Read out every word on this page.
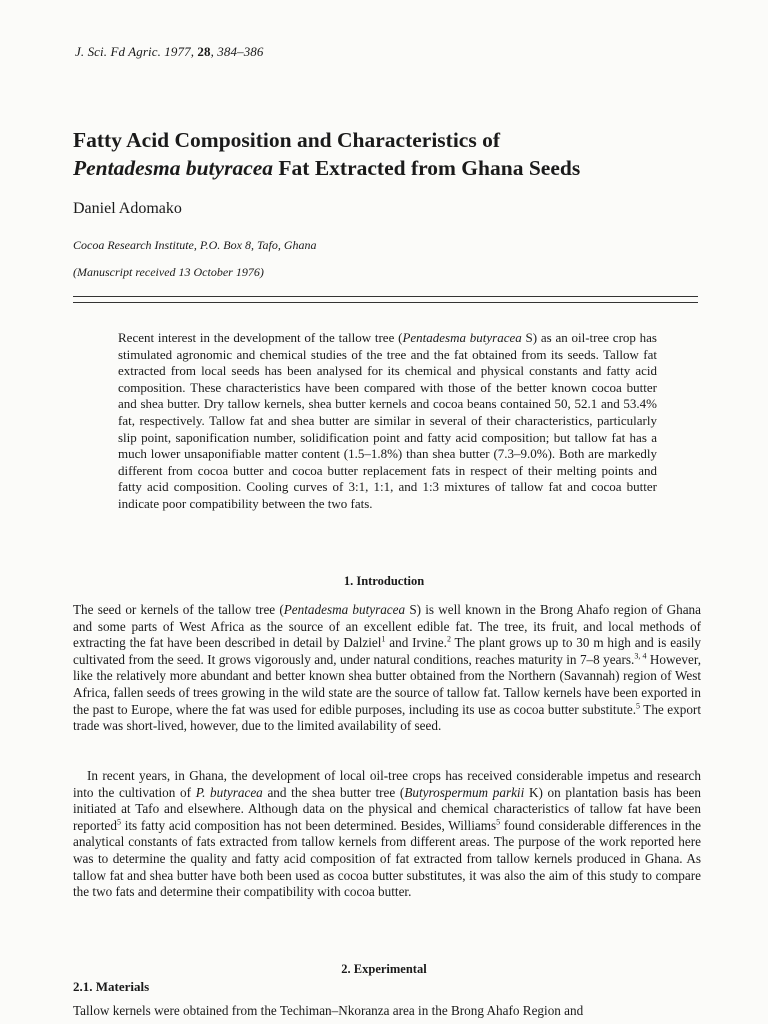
J. Sci. Fd Agric. 1977, 28, 384–386
Fatty Acid Composition and Characteristics of
Pentadesma butyracea Fat Extracted from Ghana Seeds
Daniel Adomako
Cocoa Research Institute, P.O. Box 8, Tafo, Ghana
(Manuscript received 13 October 1976)

Recent interest in the development of the tallow tree (Pentadesma butyracea S) as an oil-tree crop has stimulated agronomic and chemical studies of the tree and the fat obtained from its seeds. Tallow fat extracted from local seeds has been analysed for its chemical and physical constants and fatty acid composition. These characteristics have been compared with those of the better known cocoa butter and shea butter. Dry tallow kernels, shea butter kernels and cocoa beans contained 50, 52.1 and 53.4% fat, respectively. Tallow fat and shea butter are similar in several of their characteristics, particularly slip point, saponification number, solidification point and fatty acid composition; but tallow fat has a much lower unsaponifiable matter content (1.5–1.8%) than shea butter (7.3–9.0%). Both are markedly different from cocoa butter and cocoa butter replacement fats in respect of their melting points and fatty acid composition. Cooling curves of 3:1, 1:1, and 1:3 mixtures of tallow fat and cocoa butter indicate poor compatibility between the two fats.

1. Introduction

The seed or kernels of the tallow tree (Pentadesma butyracea S) is well known in the Brong Ahafo region of Ghana and some parts of West Africa as the source of an excellent edible fat. The tree, its fruit, and local methods of extracting the fat have been described in detail by Dalziel$^1$ and Irvine.$^2$ The plant grows up to 30 m high and is easily cultivated from the seed. It grows vigorously and, under natural conditions, reaches maturity in 7–8 years.$^{3, 4}$ However, like the relatively more abundant and better known shea butter obtained from the Northern (Savannah) region of West Africa, fallen seeds of trees growing in the wild state are the source of tallow fat. Tallow kernels have been exported in the past to Europe, where the fat was used for edible purposes, including its use as cocoa butter substitute.$^5$ The export trade was short-lived, however, due to the limited availability of seed.

In recent years, in Ghana, the development of local oil-tree crops has received considerable impetus and research into the cultivation of P. butyracea and the shea butter tree (Butyrospermum parkii K) on plantation basis has been initiated at Tafo and elsewhere. Although data on the physical and chemical characteristics of tallow fat have been reported$^5$ its fatty acid composition has not been determined. Besides, Williams$^5$ found considerable differences in the analytical constants of fats extracted from tallow kernels from different areas. The purpose of the work reported here was to determine the quality and fatty acid composition of fat extracted from tallow kernels produced in Ghana. As tallow fat and shea butter have both been used as cocoa butter substitutes, it was also the aim of this study to compare the two fats and determine their compatibility with cocoa butter.

2. Experimental
2.1. Materials

Tallow kernels were obtained from the Techiman–Nkoranza area in the Brong Ahafo Region and
